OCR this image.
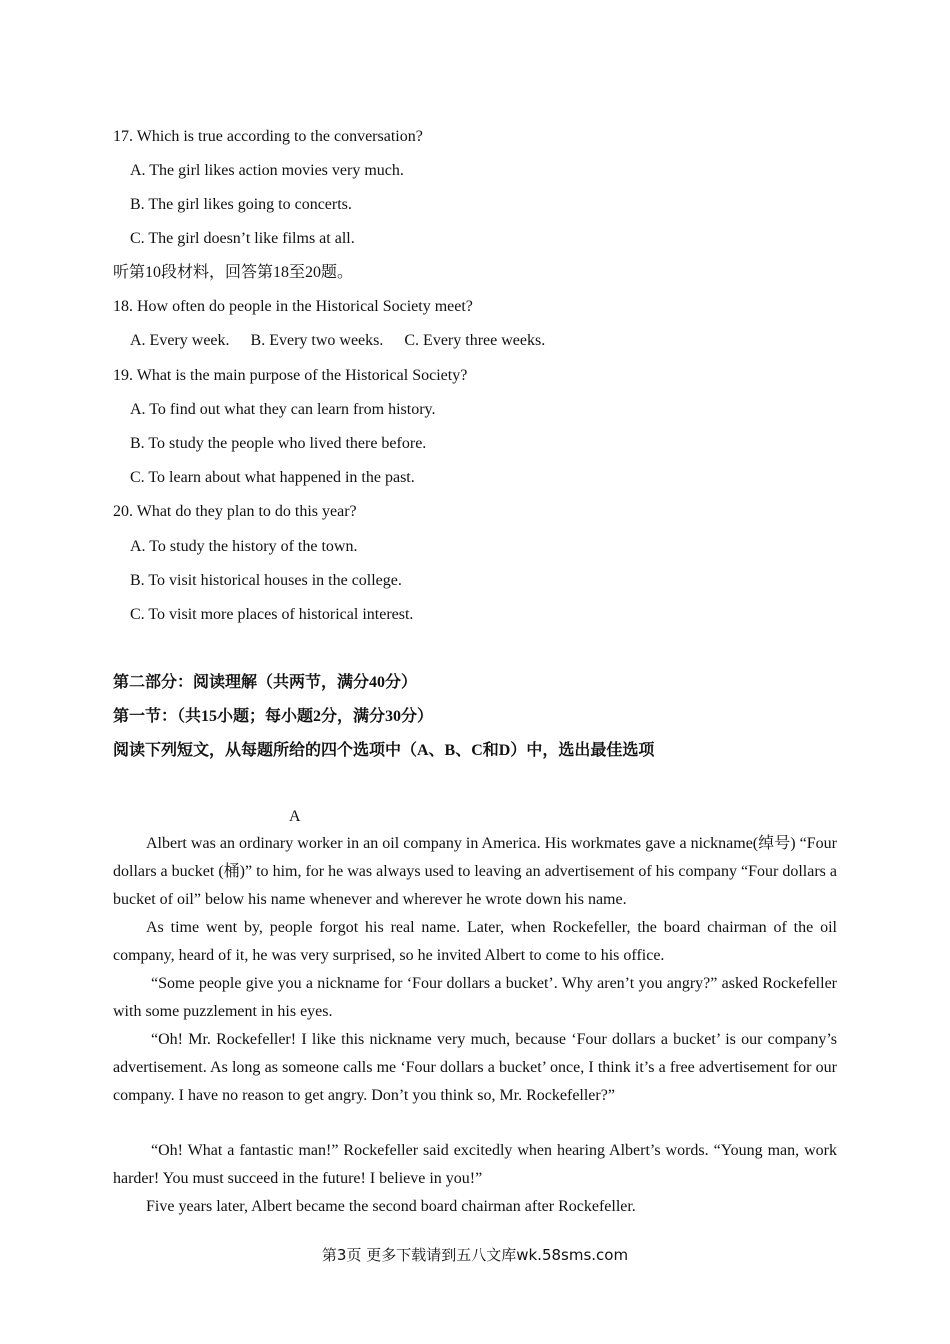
17. Which is true according to the conversation?
A. The girl likes action movies very much.
B. The girl likes going to concerts.
C. The girl doesn’t like films at all.
听第10段材料，回答第18至20题。
18. How often do people in the Historical Society meet?
A. Every week. B. Every two weeks. C. Every three weeks.
19. What is the main purpose of the Historical Society?
A. To find out what they can learn from history.
B. To study the people who lived there before.
C. To learn about what happened in the past.
20. What do they plan to do this year?
A. To study the history of the town.
B. To visit historical houses in the college.
C. To visit more places of historical interest.
第二部分：阅读理解（共两节，满分40分）
第一节：（共15小题；每小题2分，满分30分）
阅读下列短文，从每题所给的四个选项中（A、B、C和D）中，选出最佳选项
A
Albert was an ordinary worker in an oil company in America. His workmates gave a nickname(绰号) “Four dollars a bucket (桶)” to him, for he was always used to leaving an advertisement of his company “Four dollars a bucket of oil” below his name whenever and wherever he wrote down his name.
As time went by, people forgot his real name. Later, when Rockefeller, the board chairman of the oil company, heard of it, he was very surprised, so he invited Albert to come to his office.
“Some people give you a nickname for ‘Four dollars a bucket’. Why aren’t you angry?” asked Rockefeller with some puzzlement in his eyes.
“Oh! Mr. Rockefeller! I like this nickname very much, because ‘Four dollars a bucket’ is our company’s advertisement. As long as someone calls me ‘Four dollars a bucket’ once, I think it’s a free advertisement for our company. I have no reason to get angry. Don’t you think so, Mr. Rockefeller?”
“Oh! What a fantastic man!” Rockefeller said excitedly when hearing Albert’s words. “Young man, work harder! You must succeed in the future! I believe in you!”
Five years later, Albert became the second board chairman after Rockefeller.
第3页 更多下载请到五八文库wk.58sms.com
